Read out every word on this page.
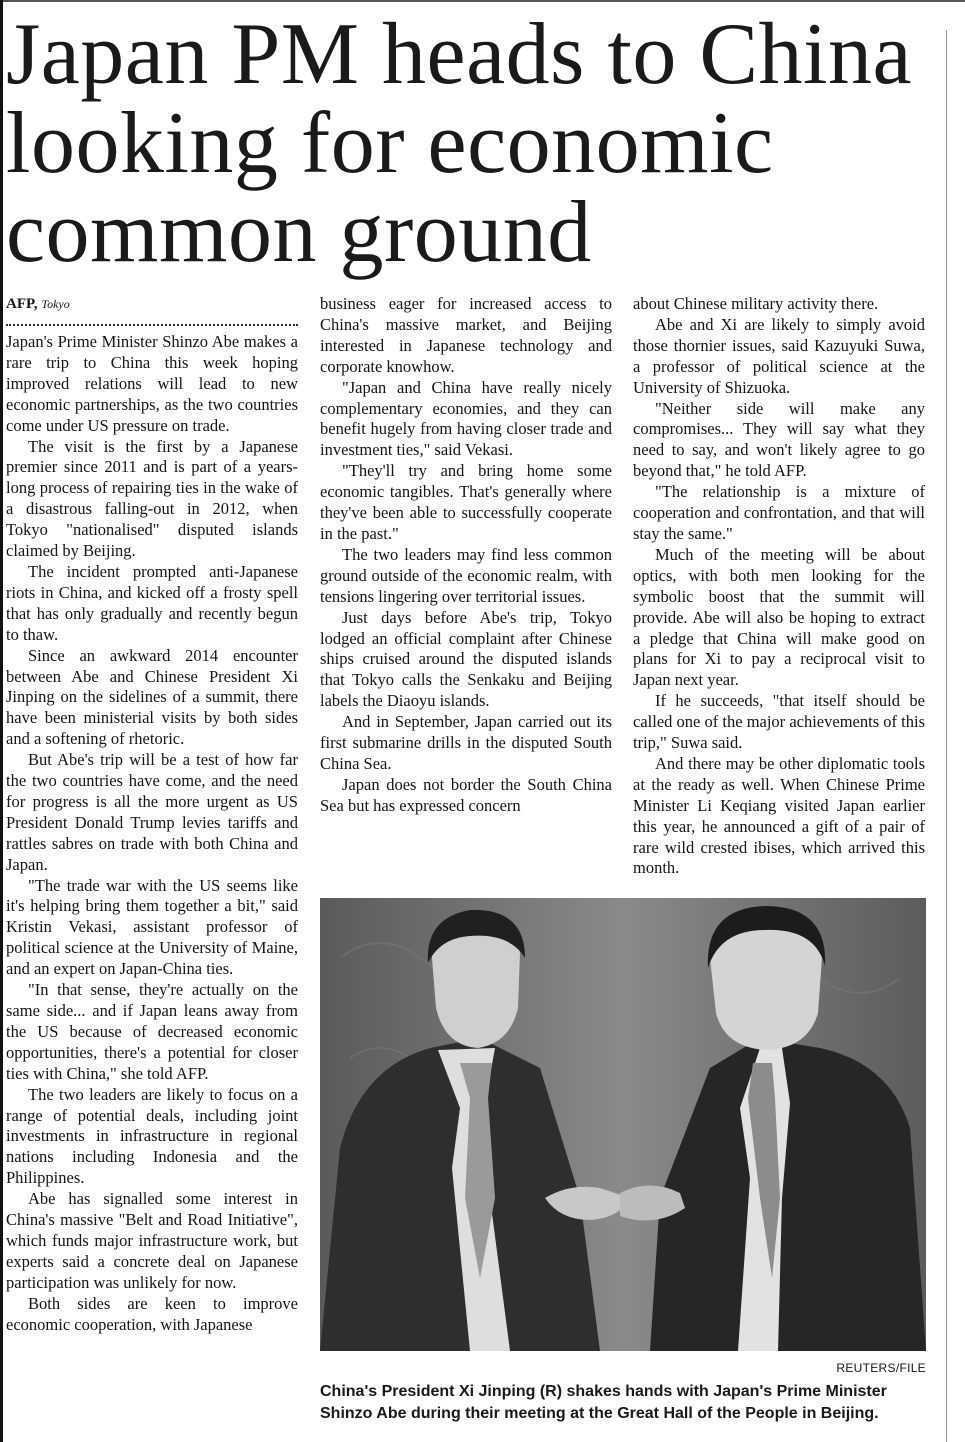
Japan PM heads to China looking for economic common ground

AFP, Tokyo

Japan's Prime Minister Shinzo Abe makes a rare trip to China this week hoping improved relations will lead to new economic partnerships, as the two countries come under US pressure on trade.

The visit is the first by a Japanese premier since 2011 and is part of a years-long process of repairing ties in the wake of a disastrous falling-out in 2012, when Tokyo "nationalised" disputed islands claimed by Beijing.

The incident prompted anti-Japanese riots in China, and kicked off a frosty spell that has only gradually and recently begun to thaw.

Since an awkward 2014 encounter between Abe and Chinese President Xi Jinping on the sidelines of a summit, there have been ministerial visits by both sides and a softening of rhetoric.

But Abe's trip will be a test of how far the two countries have come, and the need for progress is all the more urgent as US President Donald Trump levies tariffs and rattles sabres on trade with both China and Japan.

"The trade war with the US seems like it's helping bring them together a bit," said Kristin Vekasi, assistant professor of political science at the University of Maine, and an expert on Japan-China ties.

"In that sense, they're actually on the same side... and if Japan leans away from the US because of decreased economic opportunities, there's a potential for closer ties with China," she told AFP.

The two leaders are likely to focus on a range of potential deals, including joint investments in infrastructure in regional nations including Indonesia and the Philippines.

Abe has signalled some interest in China's massive "Belt and Road Initiative", which funds major infrastructure work, but experts said a concrete deal on Japanese participation was unlikely for now.

Both sides are keen to improve economic cooperation, with Japanese

business eager for increased access to China's massive market, and Beijing interested in Japanese technology and corporate knowhow.

"Japan and China have really nicely complementary economies, and they can benefit hugely from having closer trade and investment ties," said Vekasi.

"They'll try and bring home some economic tangibles. That's generally where they've been able to successfully cooperate in the past."

The two leaders may find less common ground outside of the economic realm, with tensions lingering over territorial issues.

Just days before Abe's trip, Tokyo lodged an official complaint after Chinese ships cruised around the disputed islands that Tokyo calls the Senkaku and Beijing labels the Diaoyu islands.

And in September, Japan carried out its first submarine drills in the disputed South China Sea.

Japan does not border the South China Sea but has expressed concern

about Chinese military activity there.

Abe and Xi are likely to simply avoid those thornier issues, said Kazuyuki Suwa, a professor of political science at the University of Shizuoka.

"Neither side will make any compromises... They will say what they need to say, and won't likely agree to go beyond that," he told AFP.

"The relationship is a mixture of cooperation and confrontation, and that will stay the same."

Much of the meeting will be about optics, with both men looking for the symbolic boost that the summit will provide. Abe will also be hoping to extract a pledge that China will make good on plans for Xi to pay a reciprocal visit to Japan next year.

If he succeeds, "that itself should be called one of the major achievements of this trip," Suwa said.

And there may be other diplomatic tools at the ready as well. When Chinese Prime Minister Li Keqiang visited Japan earlier this year, he announced a gift of a pair of rare wild crested ibises, which arrived this month.

REUTERS/FILE
China's President Xi Jinping (R) shakes hands with Japan's Prime Minister Shinzo Abe during their meeting at the Great Hall of the People in Beijing.
